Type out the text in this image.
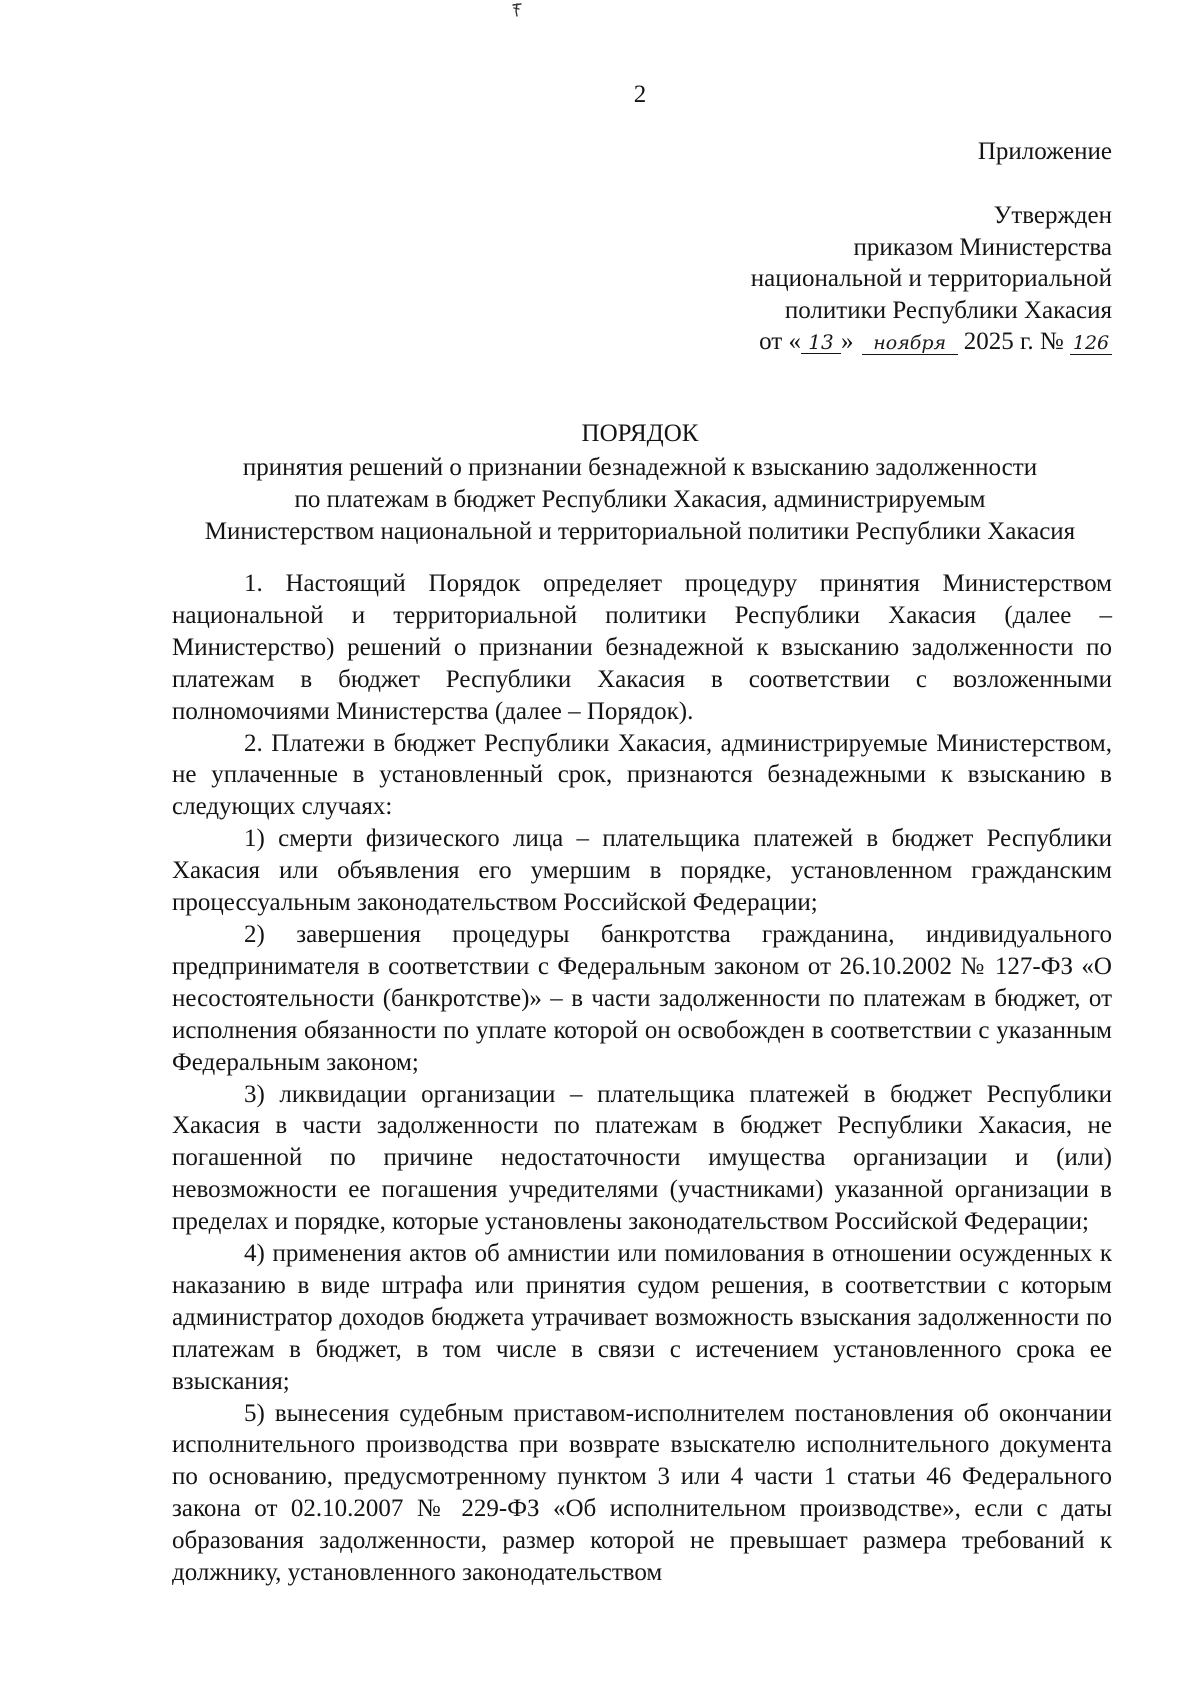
2
Приложение
Утвержден
приказом Министерства
национальной и территориальной
политики Республики Хакасия
от « 13 » ноября 2025 г. № 126
ПОРЯДОК
принятия решений о признании безнадежной к взысканию задолженности
по платежам в бюджет Республики Хакасия, администрируемым
Министерством национальной и территориальной политики Республики Хакасия

1. Настоящий Порядок определяет процедуру принятия Министерством национальной и территориальной политики Республики Хакасия (далее – Министерство) решений о признании безнадежной к взысканию задолженности по платежам в бюджет Республики Хакасия в соответствии с возложенными полномочиями Министерства (далее – Порядок).

2. Платежи в бюджет Республики Хакасия, администрируемые Министерством, не уплаченные в установленный срок, признаются безнадежными к взысканию в следующих случаях:

1) смерти физического лица – плательщика платежей в бюджет Республики Хакасия или объявления его умершим в порядке, установленном гражданским процессуальным законодательством Российской Федерации;

2) завершения процедуры банкротства гражданина, индивидуального предпринимателя в соответствии с Федеральным законом от 26.10.2002 № 127-ФЗ «О несостоятельности (банкротстве)» – в части задолженности по платежам в бюджет, от исполнения обязанности по уплате которой он освобожден в соответствии с указанным Федеральным законом;

3) ликвидации организации – плательщика платежей в бюджет Республики Хакасия в части задолженности по платежам в бюджет Республики Хакасия, не погашенной по причине недостаточности имущества организации и (или) невозможности ее погашения учредителями (участниками) указанной организации в пределах и порядке, которые установлены законодательством Российской Федерации;

4) применения актов об амнистии или помилования в отношении осужденных к наказанию в виде штрафа или принятия судом решения, в соответствии с которым администратор доходов бюджета утрачивает возможность взыскания задолженности по платежам в бюджет, в том числе в связи с истечением установленного срока ее взыскания;

5) вынесения судебным приставом-исполнителем постановления об окончании исполнительного производства при возврате взыскателю исполнительного документа по основанию, предусмотренному пунктом 3 или 4 части 1 статьи 46 Федерального закона от 02.10.2007 № 229-ФЗ «Об исполнительном производстве», если с даты образования задолженности, размер которой не превышает размера требований к должнику, установленного законодательством
